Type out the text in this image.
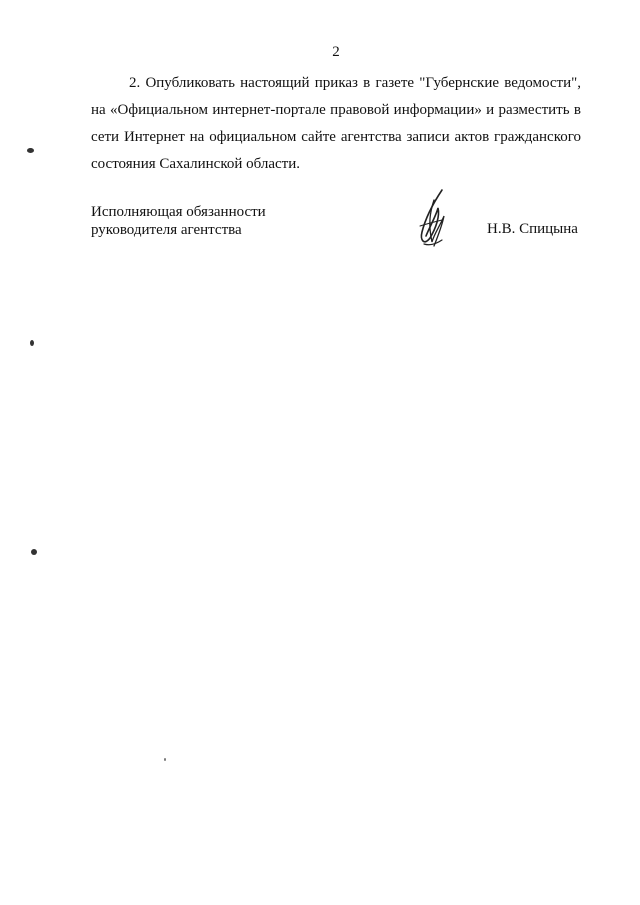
2

2. Опубликовать настоящий приказ в газете "Губернские ведомости", на «Официальном интернет-портале правовой информации» и разместить в сети Интернет на официальном сайте агентства записи актов гражданского состояния Сахалинской области.

Исполняющая обязанности
руководителя агентства	Н.В. Спицына
